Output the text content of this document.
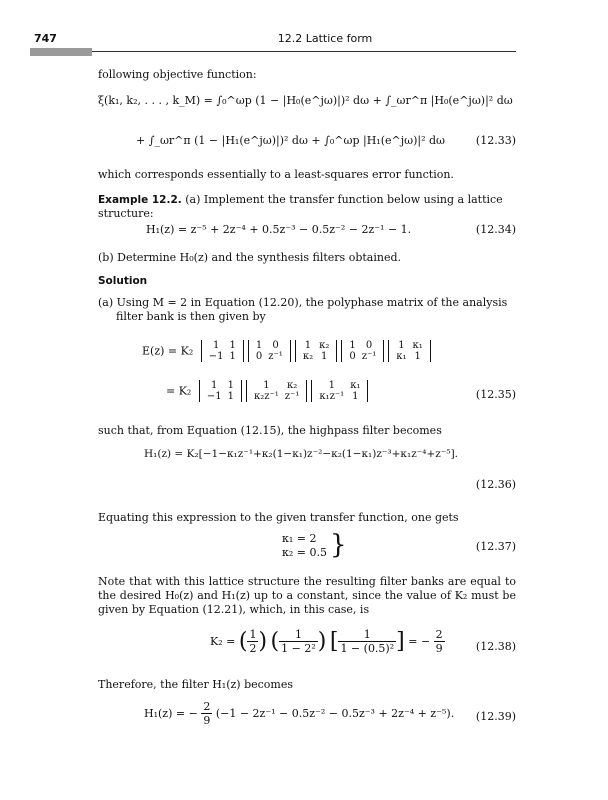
747	12.2 Lattice form
following objective function:
ξ(k₁, k₂, . . . , k_M) = ∫₀^ωp (1 − |H₀(e^jω)|)² dω + ∫_ωr^π |H₀(e^jω)|² dω
+ ∫_ωr^π (1 − |H₁(e^jω)|)² dω + ∫₀^ωp |H₁(e^jω)|² dω	(12.33)
which corresponds essentially to a least-squares error function.
Example 12.2. (a) Implement the transfer function below using a lattice structure:
H₁(z) = z⁻⁵ + 2z⁻⁴ + 0.5z⁻³ − 0.5z⁻² − 2z⁻¹ − 1.	(12.34)
(b) Determine H₀(z) and the synthesis filters obtained.
Solution
(a) Using M = 2 in Equation (12.20), the polyphase matrix of the analysis filter bank is then given by
E(z) = K₂ 1	1
−1	1
1	0
0	z⁻¹
1	κ₂
κ₂	1
1	0
0	z⁻¹
1	κ₁
κ₁	1
= K₂ 1	1
−1	1
1	κ₂
κ₂z⁻¹	z⁻¹
1	κ₁
κ₁z⁻¹	1	(12.35)
such that, from Equation (12.15), the highpass filter becomes
H₁(z) = K₂[−1−κ₁z⁻¹+κ₂(1−κ₁)z⁻²−κ₂(1−κ₁)z⁻³+κ₁z⁻⁴+z⁻⁵].
(12.36)
Equating this expression to the given transfer function, one gets
κ₁ = 2
κ₂ = 0.5 }	(12.37)
Note that with this lattice structure the resulting filter banks are equal to the desired H₀(z) and H₁(z) up to a constant, since the value of K₂ must be given by Equation (12.21), which, in this case, is
K₂ = ( $\frac{1}{2}$ ) ( $\frac{1}{\text{1 − 2²}}$ ) [ $\frac{1}{\text{1 − (0.5)²}}$ ] = − $\frac{2}{9}$	(12.38)
Therefore, the filter H₁(z) becomes
H₁(z) = − $\frac{2}{9} (-1 - 2z^{-1} - 0.5z^{-2} - 0.5z^{-3} + 2z^{-4} + z^{-5})$. (12.39)
